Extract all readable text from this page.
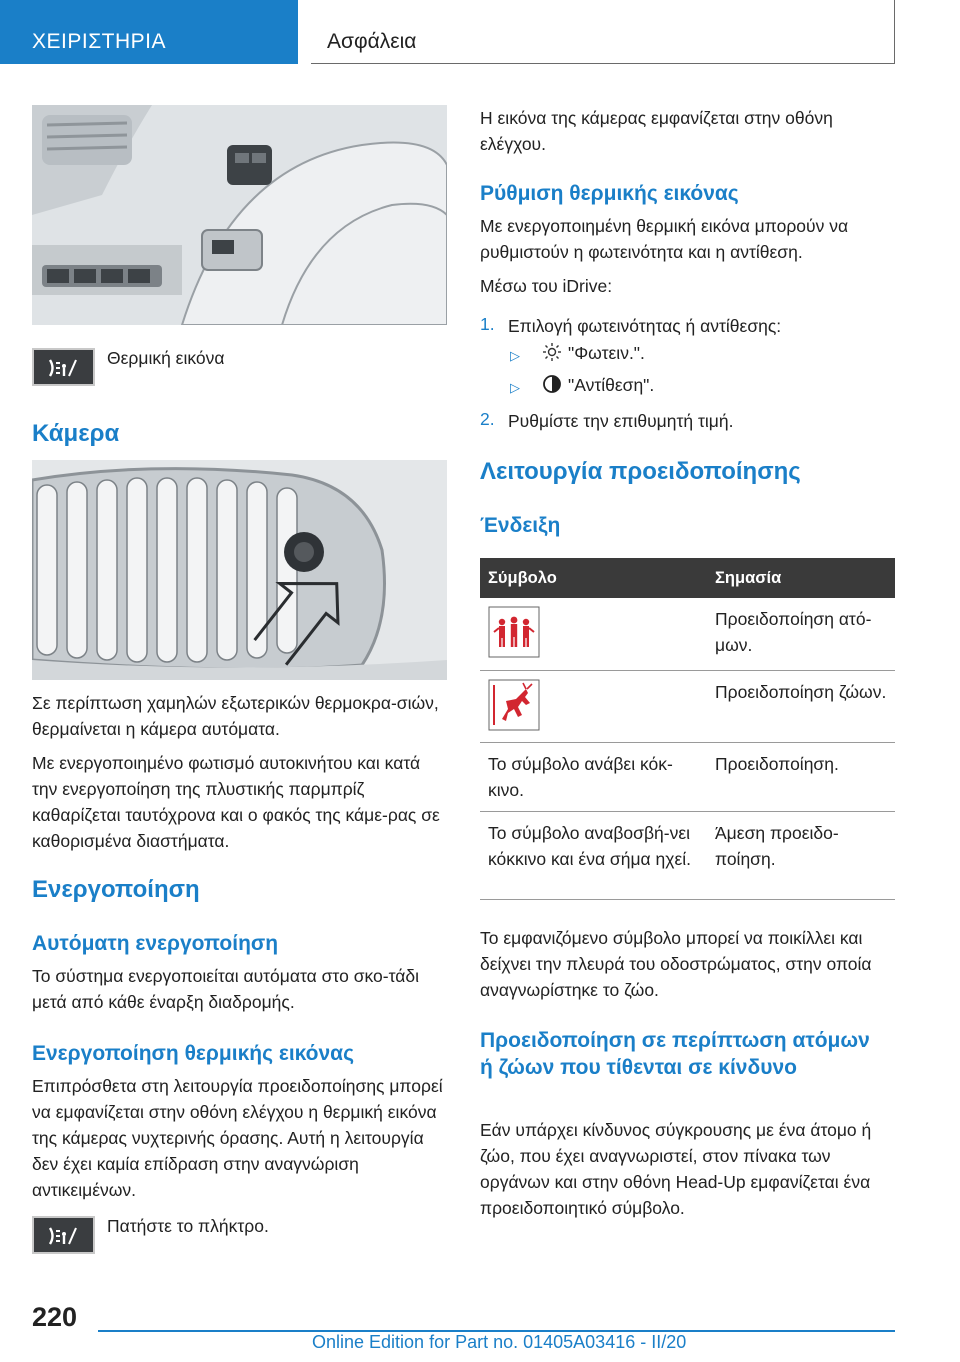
ΧΕΙΡΙΣΤΗΡΙΑ	Ασφάλεια

Θερμική εικόνα

Κάμερα

Σε περίπτωση χαμηλών εξωτερικών θερμοκρα-σιών, θερμαίνεται η κάμερα αυτόματα.

Με ενεργοποιημένο φωτισμό αυτοκινήτου και κατά την ενεργοποίηση της πλυστικής παρμπρίζ καθαρίζεται ταυτόχρονα και ο φακός της κάμε-ρας σε καθορισμένα διαστήματα.

Ενεργοποίηση
Αυτόματη ενεργοποίηση

Το σύστημα ενεργοποιείται αυτόματα στο σκο-τάδι μετά από κάθε έναρξη διαδρομής.

Ενεργοποίηση θερμικής εικόνας

Επιπρόσθετα στη λειτουργία προειδοποίησης μπορεί να εμφανίζεται στην οθόνη ελέγχου η θερμική εικόνα της κάμερας νυχτερινής όρασης. Αυτή η λειτουργία δεν έχει καμία επίδραση στην αναγνώριση αντικειμένων.

Πατήστε το πλήκτρο.

Η εικόνα της κάμερας εμφανίζεται στην οθόνη ελέγχου.

Ρύθμιση θερμικής εικόνας

Με ενεργοποιημένη θερμική εικόνα μπορούν να ρυθμιστούν η φωτεινότητα και η αντίθεση.

Μέσω του iDrive:

1. Επιλογή φωτεινότητας ή αντίθεσης:

▷	"Φωτειν.".

▷	"Αντίθεση".

2. Ρυθμίστε την επιθυμητή τιμή.

Λειτουργία προειδοποίησης
Ένδειξη
Σύμβολο	Σημασία

	Προειδοποίηση ατό-μων.

	Προειδοποίηση ζώων.
Το σύμβολο ανάβει κόκ-κινο.	Προειδοποίηση.
Το σύμβολο αναβοσβή-νει κόκκινο και ένα σήμα ηχεί.	Άμεση προειδο-ποίηση.

Το εμφανιζόμενο σύμβολο μπορεί να ποικίλλει και δείχνει την πλευρά του οδοστρώματος, στην οποία αναγνωρίστηκε το ζώο.

Προειδοποίηση σε περίπτωση ατόμων ή ζώων που τίθενται σε κίνδυνο

Εάν υπάρχει κίνδυνος σύγκρουσης με ένα άτομο ή ζώο, που έχει αναγνωριστεί, στον πίνακα των οργάνων και στην οθόνη Head-Up εμφανίζεται ένα προειδοποιητικό σύμβολο.

220
Online Edition for Part no. 01405A03416 - II/20
